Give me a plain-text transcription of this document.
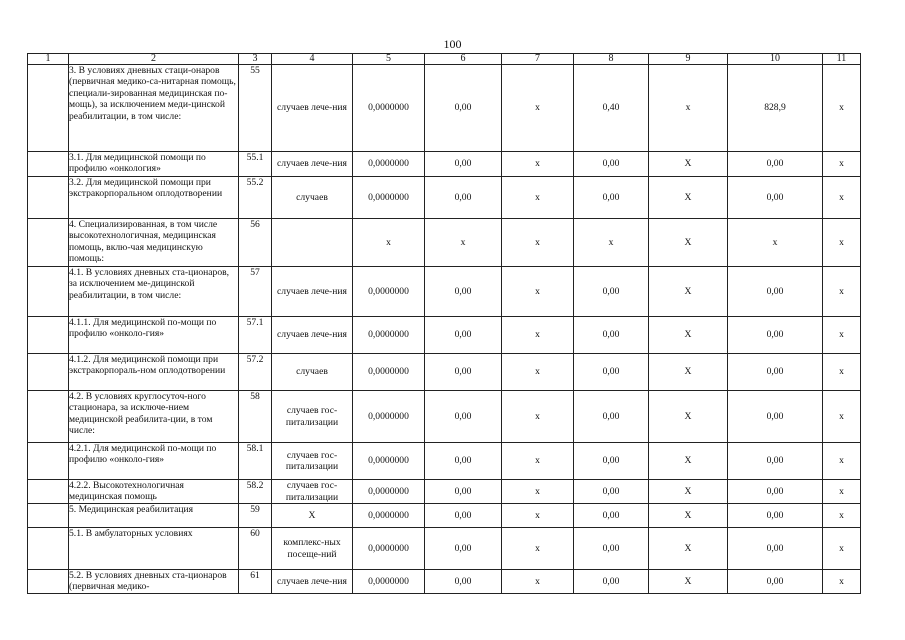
100
1	2	3	4	5	6	7	8	9	10	11
	3. В условиях дневных стаци-онаров (первичная медико-са-нитарная помощь, специали-зированная медицинская по-мощь), за исключением меди-цинской реабилитации, в том числе:	55	случаев лече-ния	0,0000000	0,00	х	0,40	х	828,9	х
	3.1. Для медицинской помощи по профилю «онкология»	55.1	случаев лече-ния	0,0000000	0,00	х	0,00	Х	0,00	х
	3.2. Для медицинской помощи при экстракорпоральном оплодотворении	55.2	случаев	0,0000000	0,00	х	0,00	Х	0,00	х
	4. Специализированная, в том числе высокотехнологичная, медицинская помощь, вклю-чая медицинскую помощь:	56		х	х	х	х	Х	х	х
	4.1. В условиях дневных ста-ционаров, за исключением ме-дицинской реабилитации, в том числе:	57	случаев лече-ния	0,0000000	0,00	х	0,00	Х	0,00	х
	4.1.1. Для медицинской по-мощи по профилю «онколо-гия»	57.1	случаев лече-ния	0,0000000	0,00	х	0,00	Х	0,00	х
	4.1.2. Для медицинской помощи при экстракорпораль-ном оплодотворении	57.2	случаев	0,0000000	0,00	х	0,00	Х	0,00	х
	4.2. В условиях круглосуточ-ного стационара, за исключе-нием медицинской реабилита-ции, в том числе:	58	случаев гос-питализации	0,0000000	0,00	х	0,00	Х	0,00	х
	4.2.1. Для медицинской по-мощи по профилю «онколо-гия»	58.1	случаев гос-питализации	0,0000000	0,00	х	0,00	Х	0,00	х
	4.2.2. Высокотехнологичная медицинская помощь	58.2	случаев гос-питализации	0,0000000	0,00	х	0,00	Х	0,00	х
	5. Медицинская реабилитация	59	Х	0,0000000	0,00	х	0,00	Х	0,00	х
	5.1. В амбулаторных условиях	60	комплекс-ных посеще-ний	0,0000000	0,00	х	0,00	Х	0,00	х
	5.2. В условиях дневных ста-ционаров (первичная медико-	61	случаев лече-ния	0,0000000	0,00	х	0,00	Х	0,00	х
